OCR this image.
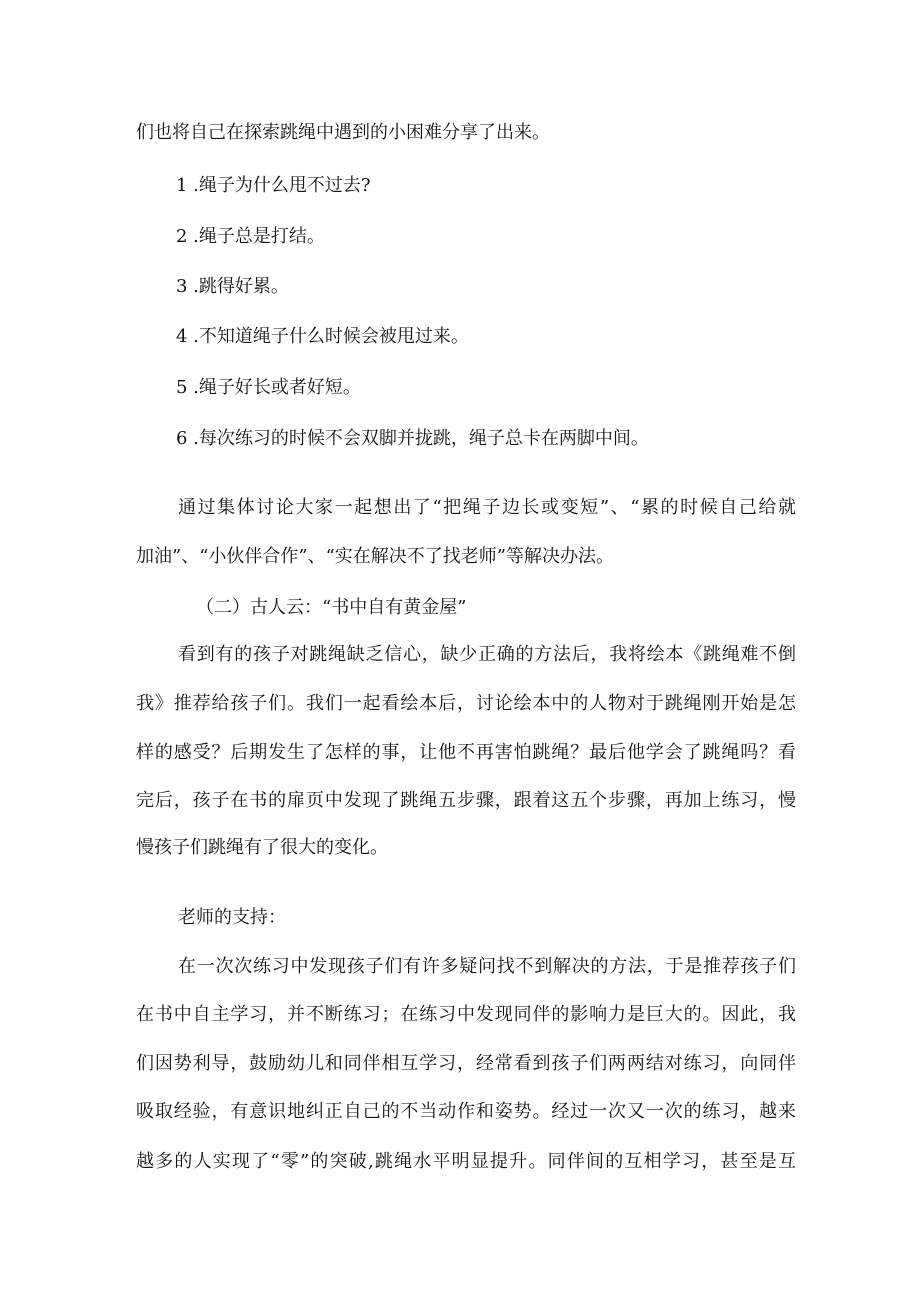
们也将自己在探索跳绳中遇到的小困难分享了出来。
1 .绳子为什么甩不过去?
2 .绳子总是打结。
3 .跳得好累。
4 .不知道绳子什么时候会被甩过来。
5 .绳子好长或者好短。
6 .每次练习的时候不会双脚并拢跳，绳子总卡在两脚中间。
通过集体讨论大家一起想出了“把绳子边长或变短”、“累的时候自己给就
加油”、“小伙伴合作”、“实在解决不了找老师”等解决办法。
（二）古人云：“书中自有黄金屋”
看到有的孩子对跳绳缺乏信心，缺少正确的方法后，我将绘本《跳绳难不倒
我》推荐给孩子们。我们一起看绘本后，讨论绘本中的人物对于跳绳刚开始是怎
样的感受？后期发生了怎样的事，让他不再害怕跳绳？最后他学会了跳绳吗？看
完后，孩子在书的扉页中发现了跳绳五步骤，跟着这五个步骤，再加上练习，慢
慢孩子们跳绳有了很大的变化。
老师的支持：
在一次次练习中发现孩子们有许多疑问找不到解决的方法，于是推荐孩子们
在书中自主学习，并不断练习；在练习中发现同伴的影响力是巨大的。因此，我
们因势利导，鼓励幼儿和同伴相互学习，经常看到孩子们两两结对练习，向同伴
吸取经验，有意识地纠正自己的不当动作和姿势。经过一次又一次的练习，越来
越多的人实现了“零”的突破,跳绳水平明显提升。同伴间的互相学习，甚至是互
